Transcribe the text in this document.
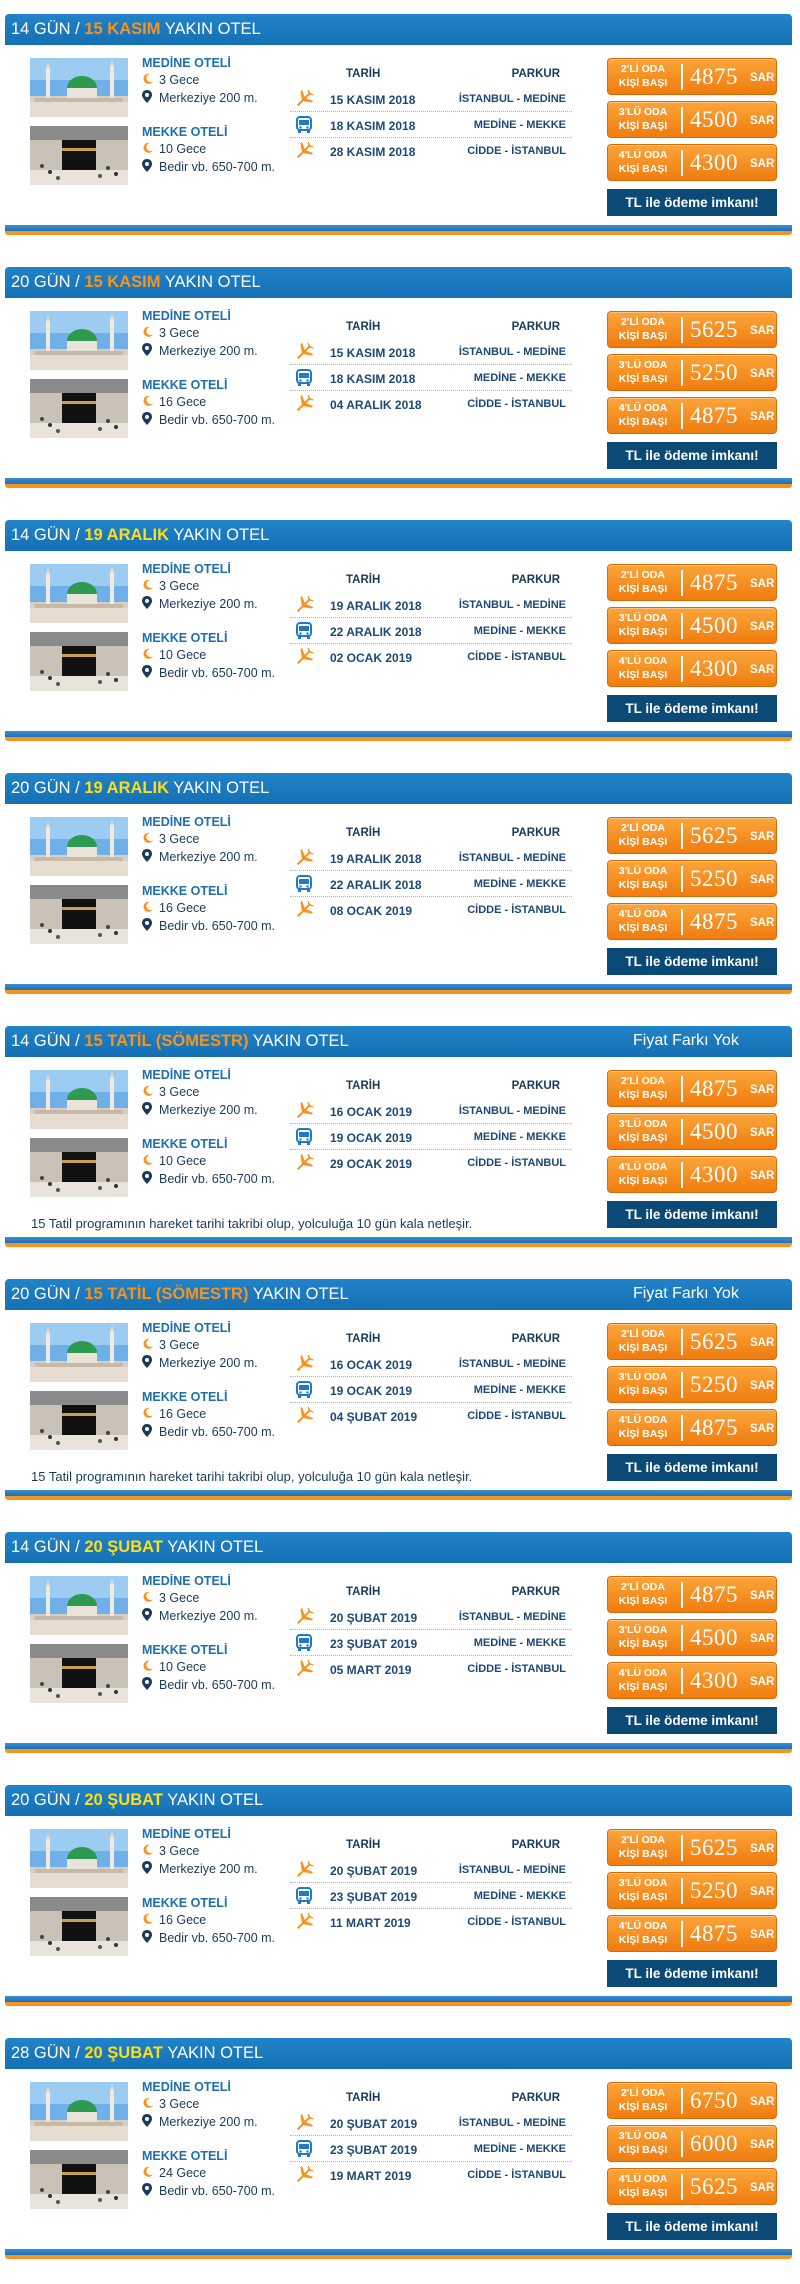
14 GÜN / 15 KASIM YAKIN OTEL
MEDİNE OTELİ
3 Gece
Merkeziye 200 m.
MEKKE OTELİ
10 Gece
Bedir vb. 650-700 m.
TARİH	PARKUR
15 KASIM 2018	İSTANBUL - MEDİNE
18 KASIM 2018	MEDİNE - MEKKE
28 KASIM 2018	CİDDE - İSTANBUL
2'Lİ ODA
KİŞİ BAŞI 4875 SAR
3'LÜ ODA
KİŞİ BAŞI 4500 SAR
4'LÜ ODA
KİŞİ BAŞI 4300 SAR
TL ile ödeme imkanı!
20 GÜN / 15 KASIM YAKIN OTEL
MEDİNE OTELİ
3 Gece
Merkeziye 200 m.
MEKKE OTELİ
16 Gece
Bedir vb. 650-700 m.
TARİH	PARKUR
15 KASIM 2018	İSTANBUL - MEDİNE
18 KASIM 2018	MEDİNE - MEKKE
04 ARALIK 2018	CİDDE - İSTANBUL
2'Lİ ODA
KİŞİ BAŞI 5625 SAR
3'LÜ ODA
KİŞİ BAŞI 5250 SAR
4'LÜ ODA
KİŞİ BAŞI 4875 SAR
TL ile ödeme imkanı!
14 GÜN / 19 ARALIK YAKIN OTEL
MEDİNE OTELİ
3 Gece
Merkeziye 200 m.
MEKKE OTELİ
10 Gece
Bedir vb. 650-700 m.
TARİH	PARKUR
19 ARALIK 2018	İSTANBUL - MEDİNE
22 ARALIK 2018	MEDİNE - MEKKE
02 OCAK 2019	CİDDE - İSTANBUL
2'Lİ ODA
KİŞİ BAŞI 4875 SAR
3'LÜ ODA
KİŞİ BAŞI 4500 SAR
4'LÜ ODA
KİŞİ BAŞI 4300 SAR
TL ile ödeme imkanı!
20 GÜN / 19 ARALIK YAKIN OTEL
MEDİNE OTELİ
3 Gece
Merkeziye 200 m.
MEKKE OTELİ
16 Gece
Bedir vb. 650-700 m.
TARİH	PARKUR
19 ARALIK 2018	İSTANBUL - MEDİNE
22 ARALIK 2018	MEDİNE - MEKKE
08 OCAK 2019	CİDDE - İSTANBUL
2'Lİ ODA
KİŞİ BAŞI 5625 SAR
3'LÜ ODA
KİŞİ BAŞI 5250 SAR
4'LÜ ODA
KİŞİ BAŞI 4875 SAR
TL ile ödeme imkanı!
14 GÜN / 15 TATİL (SÖMESTR) YAKIN OTEL	Fiyat Farkı Yok
MEDİNE OTELİ
3 Gece
Merkeziye 200 m.
MEKKE OTELİ
10 Gece
Bedir vb. 650-700 m.
TARİH	PARKUR
16 OCAK 2019	İSTANBUL - MEDİNE
19 OCAK 2019	MEDİNE - MEKKE
29 OCAK 2019	CİDDE - İSTANBUL
2'Lİ ODA
KİŞİ BAŞI 4875 SAR
3'LÜ ODA
KİŞİ BAŞI 4500 SAR
4'LÜ ODA
KİŞİ BAŞI 4300 SAR
TL ile ödeme imkanı!
15 Tatil programının hareket tarihi takribi olup, yolculuğa 10 gün kala netleşir.
20 GÜN / 15 TATİL (SÖMESTR) YAKIN OTEL	Fiyat Farkı Yok
MEDİNE OTELİ
3 Gece
Merkeziye 200 m.
MEKKE OTELİ
16 Gece
Bedir vb. 650-700 m.
TARİH	PARKUR
16 OCAK 2019	İSTANBUL - MEDİNE
19 OCAK 2019	MEDİNE - MEKKE
04 ŞUBAT 2019	CİDDE - İSTANBUL
2'Lİ ODA
KİŞİ BAŞI 5625 SAR
3'LÜ ODA
KİŞİ BAŞI 5250 SAR
4'LÜ ODA
KİŞİ BAŞI 4875 SAR
TL ile ödeme imkanı!
15 Tatil programının hareket tarihi takribi olup, yolculuğa 10 gün kala netleşir.
14 GÜN / 20 ŞUBAT YAKIN OTEL
MEDİNE OTELİ
3 Gece
Merkeziye 200 m.
MEKKE OTELİ
10 Gece
Bedir vb. 650-700 m.
TARİH	PARKUR
20 ŞUBAT 2019	İSTANBUL - MEDİNE
23 ŞUBAT 2019	MEDİNE - MEKKE
05 MART 2019	CİDDE - İSTANBUL
2'Lİ ODA
KİŞİ BAŞI 4875 SAR
3'LÜ ODA
KİŞİ BAŞI 4500 SAR
4'LÜ ODA
KİŞİ BAŞI 4300 SAR
TL ile ödeme imkanı!
20 GÜN / 20 ŞUBAT YAKIN OTEL
MEDİNE OTELİ
3 Gece
Merkeziye 200 m.
MEKKE OTELİ
16 Gece
Bedir vb. 650-700 m.
TARİH	PARKUR
20 ŞUBAT 2019	İSTANBUL - MEDİNE
23 ŞUBAT 2019	MEDİNE - MEKKE
11 MART 2019	CİDDE - İSTANBUL
2'Lİ ODA
KİŞİ BAŞI 5625 SAR
3'LÜ ODA
KİŞİ BAŞI 5250 SAR
4'LÜ ODA
KİŞİ BAŞI 4875 SAR
TL ile ödeme imkanı!
28 GÜN / 20 ŞUBAT YAKIN OTEL
MEDİNE OTELİ
3 Gece
Merkeziye 200 m.
MEKKE OTELİ
24 Gece
Bedir vb. 650-700 m.
TARİH	PARKUR
20 ŞUBAT 2019	İSTANBUL - MEDİNE
23 ŞUBAT 2019	MEDİNE - MEKKE
19 MART 2019	CİDDE - İSTANBUL
2'Lİ ODA
KİŞİ BAŞI 6750 SAR
3'LÜ ODA
KİŞİ BAŞI 6000 SAR
4'LÜ ODA
KİŞİ BAŞI 5625 SAR
TL ile ödeme imkanı!
